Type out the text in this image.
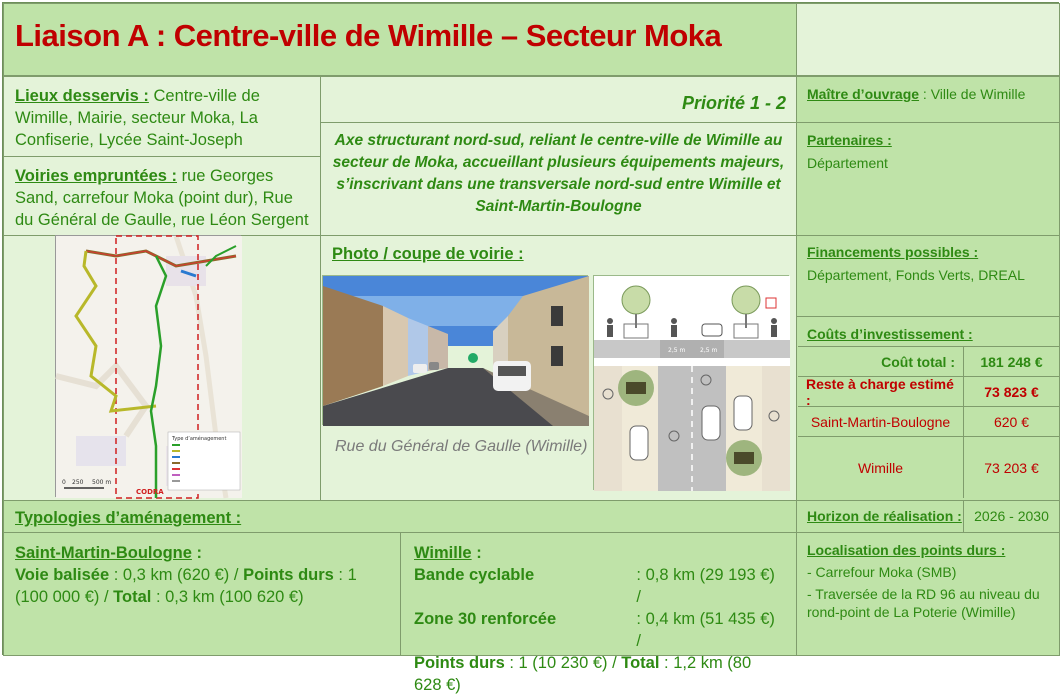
Liaison A : Centre-ville de Wimille – Secteur Moka
Lieux desservis : Centre-ville de Wimille, Mairie, secteur Moka, La Confiserie, Lycée Saint-Joseph
Voiries empruntées : rue Georges Sand, carrefour Moka (point dur), Rue du Général de Gaulle, rue Léon Sergent
Priorité 1 - 2
Axe structurant nord-sud, reliant le centre-ville de Wimille au secteur de Moka, accueillant plusieurs équipements majeurs, s’inscrivant dans une transversale nord-sud entre Wimille et Saint-Martin-Boulogne
Maître d’ouvrage : Ville de Wimille
Partenaires :
Département
Photo / coupe de voirie :
Rue du Général de Gaulle (Wimille)
Financements possibles :
Département, Fonds Verts, DREAL
Coûts d’investissement :
Coût total : 181 248 €
Reste à charge estimé :	73 823 €
Saint-Martin-Boulogne	620 €
Wimille	73 203 €
Typologies d’aménagement :	Horizon de réalisation : 2026 - 2030
Saint-Martin-Boulogne :
Voie balisée : 0,3 km (620 €) / Points durs : 1 (100 000 €) / Total : 0,3 km (100 620 €)
Wimille :
Bande cyclable	: 0,8 km (29 193 €) /
Zone 30 renforcée	: 0,4 km (51 435 €) /
Points durs : 1 (10 230 €) / Total : 1,2 km (80 628 €)
Localisation des points durs :
- Carrefour Moka (SMB)
- Traversée de la RD 96 au niveau du rond-point de La Poterie (Wimille)
Type d’aménagement
0 250 500 m
CODRA
2,5 m 2,5 m
